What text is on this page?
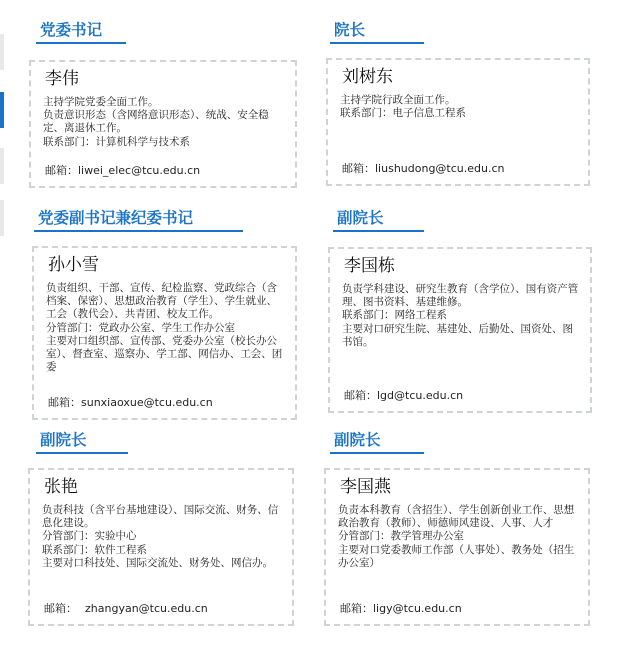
党委书记
李伟

主持学院党委全面工作。

负责意识形态（含网络意识形态）、统战、安全稳定、离退休工作。

联系部门：计算机科学与技术系

邮箱：liwei_elec@tcu.edu.cn
院长
刘树东

主持学院行政全面工作。

联系部门：电子信息工程系

邮箱：liushudong@tcu.edu.cn
党委副书记兼纪委书记
孙小雪

负责组织、干部、宣传、纪检监察、党政综合（含档案、保密）、思想政治教育（学生）、学生就业、工会（教代会）、共青团、校友工作。

分管部门：党政办公室、学生工作办公室

主要对口组织部、宣传部、党委办公室（校长办公室）、督查室、巡察办、学工部、网信办、工会、团委

邮箱：sunxiaoxue@tcu.edu.cn
副院长
李国栋

负责学科建设、研究生教育（含学位）、国有资产管理、图书资料、基建维修。

联系部门：网络工程系

主要对口研究生院、基建处、后勤处、国资处、图书馆。

邮箱：lgd@tcu.edu.cn
副院长
张艳

负责科技（含平台基地建设）、国际交流、财务、信息化建设。

分管部门：实验中心

联系部门：软件工程系

主要对口科技处、国际交流处、财务处、网信办。

邮箱： zhangyan@tcu.edu.cn
副院长
李国燕

负责本科教育（含招生）、学生创新创业工作、思想政治教育（教师）、师德师风建设、人事、人才

分管部门：教学管理办公室

主要对口党委教师工作部（人事处）、教务处（招生办公室）

邮箱：ligy@tcu.edu.cn
